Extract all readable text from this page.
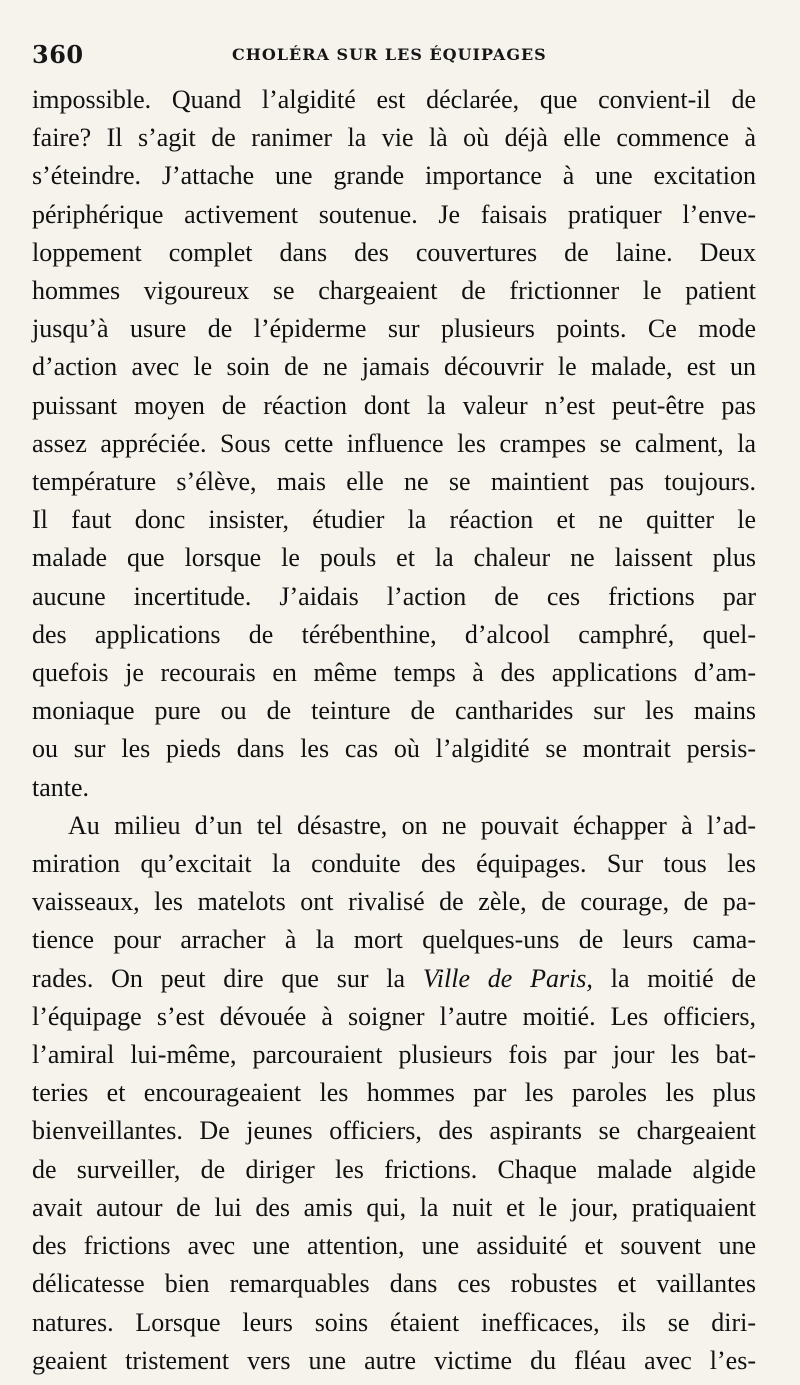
360	CHOLÉRA SUR LES ÉQUIPAGES
impossible. Quand l’algidité est déclarée, que convient-il de
faire? Il s’agit de ranimer la vie là où déjà elle commence à
s’éteindre. J’attache une grande importance à une excitation
périphérique activement soutenue. Je faisais pratiquer l’enve-
loppement complet dans des couvertures de laine. Deux
hommes vigoureux se chargeaient de frictionner le patient
jusqu’à usure de l’épiderme sur plusieurs points. Ce mode
d’action avec le soin de ne jamais découvrir le malade, est un
puissant moyen de réaction dont la valeur n’est peut-être pas
assez appréciée. Sous cette influence les crampes se calment, la
température s’élève, mais elle ne se maintient pas toujours.
Il faut donc insister, étudier la réaction et ne quitter le
malade que lorsque le pouls et la chaleur ne laissent plus
aucune incertitude. J’aidais l’action de ces frictions par
des applications de térébenthine, d’alcool camphré, quel-
quefois je recourais en même temps à des applications d’am-
moniaque pure ou de teinture de cantharides sur les mains
ou sur les pieds dans les cas où l’algidité se montrait persis-
tante.
Au milieu d’un tel désastre, on ne pouvait échapper à l’ad-
miration qu’excitait la conduite des équipages. Sur tous les
vaisseaux, les matelots ont rivalisé de zèle, de courage, de pa-
tience pour arracher à la mort quelques-uns de leurs cama-
rades. On peut dire que sur la Ville de Paris, la moitié de
l’équipage s’est dévouée à soigner l’autre moitié. Les officiers,
l’amiral lui-même, parcouraient plusieurs fois par jour les bat-
teries et encourageaient les hommes par les paroles les plus
bienveillantes. De jeunes officiers, des aspirants se chargeaient
de surveiller, de diriger les frictions. Chaque malade algide
avait autour de lui des amis qui, la nuit et le jour, pratiquaient
des frictions avec une attention, une assiduité et souvent une
délicatesse bien remarquables dans ces robustes et vaillantes
natures. Lorsque leurs soins étaient inefficaces, ils se diri-
geaient tristement vers une autre victime du fléau avec l’es-
